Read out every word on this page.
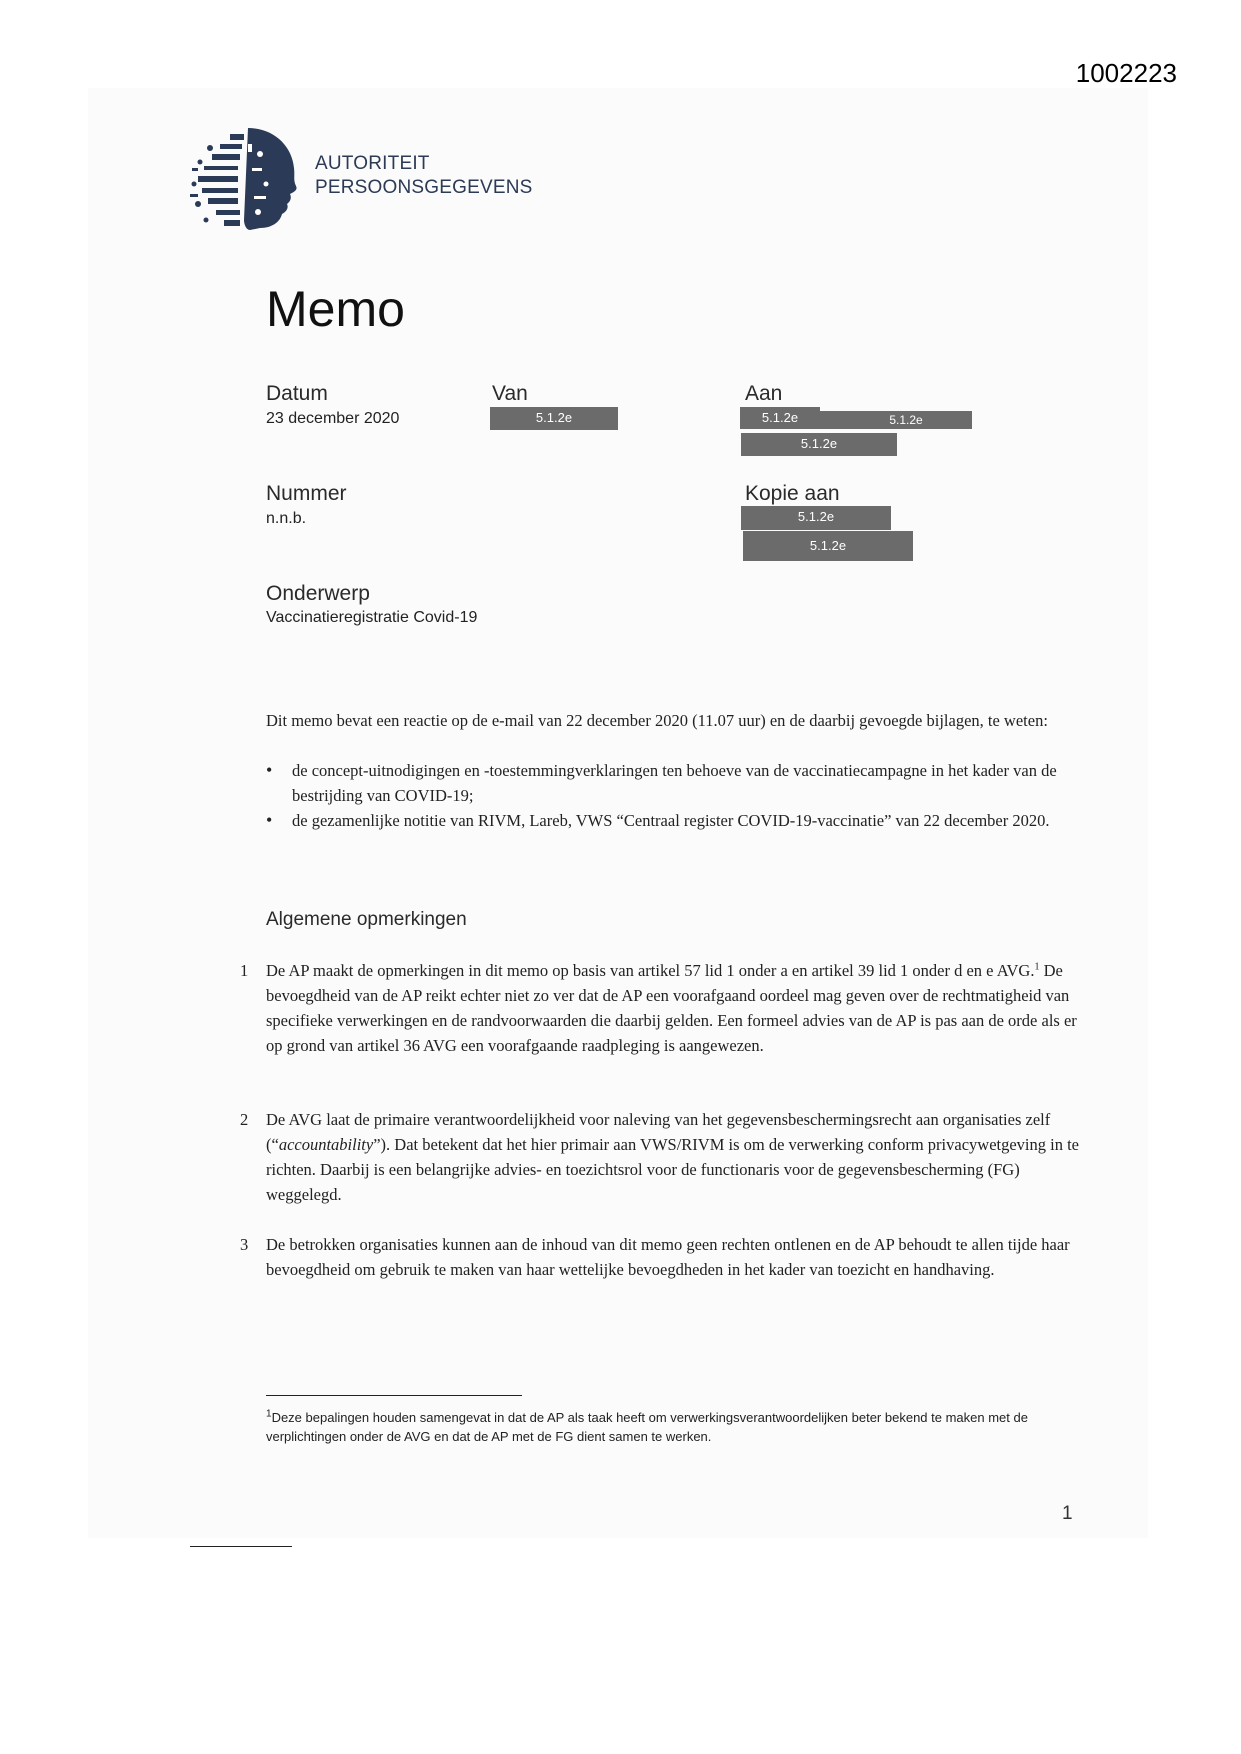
1002223
AUTORITEIT
PERSOONSGEGEVENS
Memo
Datum
23 december 2020
Van
5.1.2e
Aan
5.1.2e	5.1.2e
5.1.2e
Nummer
n.n.b.
Kopie aan
5.1.2e
5.1.2e
Onderwerp
Vaccinatieregistratie Covid-19
Dit memo bevat een reactie op de e-mail van 22 december 2020 (11.07 uur) en de daarbij gevoegde bijlagen, te weten:
• de concept-uitnodigingen en -toestemmingverklaringen ten behoeve van de vaccinatiecampagne in het kader van de bestrijding van COVID-19;
• de gezamenlijke notitie van RIVM, Lareb, VWS “Centraal register COVID-19-vaccinatie” van 22 december 2020.
Algemene opmerkingen
1 De AP maakt de opmerkingen in dit memo op basis van artikel 57 lid 1 onder a en artikel 39 lid 1 onder d en e AVG.$^1$ De bevoegdheid van de AP reikt echter niet zo ver dat de AP een voorafgaand oordeel mag geven over de rechtmatigheid van specifieke verwerkingen en de randvoorwaarden die daarbij gelden. Een formeel advies van de AP is pas aan de orde als er op grond van artikel 36 AVG een voorafgaande raadpleging is aangewezen.
2 De AVG laat de primaire verantwoordelijkheid voor naleving van het gegevensbeschermingsrecht aan organisaties zelf (“accountability”). Dat betekent dat het hier primair aan VWS/RIVM is om de verwerking conform privacywetgeving in te richten. Daarbij is een belangrijke advies- en toezichtsrol voor de functionaris voor de gegevensbescherming (FG) weggelegd.
3 De betrokken organisaties kunnen aan de inhoud van dit memo geen rechten ontlenen en de AP behoudt te allen tijde haar bevoegdheid om gebruik te maken van haar wettelijke bevoegdheden in het kader van toezicht en handhaving.
$^1$Deze bepalingen houden samengevat in dat de AP als taak heeft om verwerkingsverantwoordelijken beter bekend te maken met de verplichtingen onder de AVG en dat de AP met de FG dient samen te werken.
1
